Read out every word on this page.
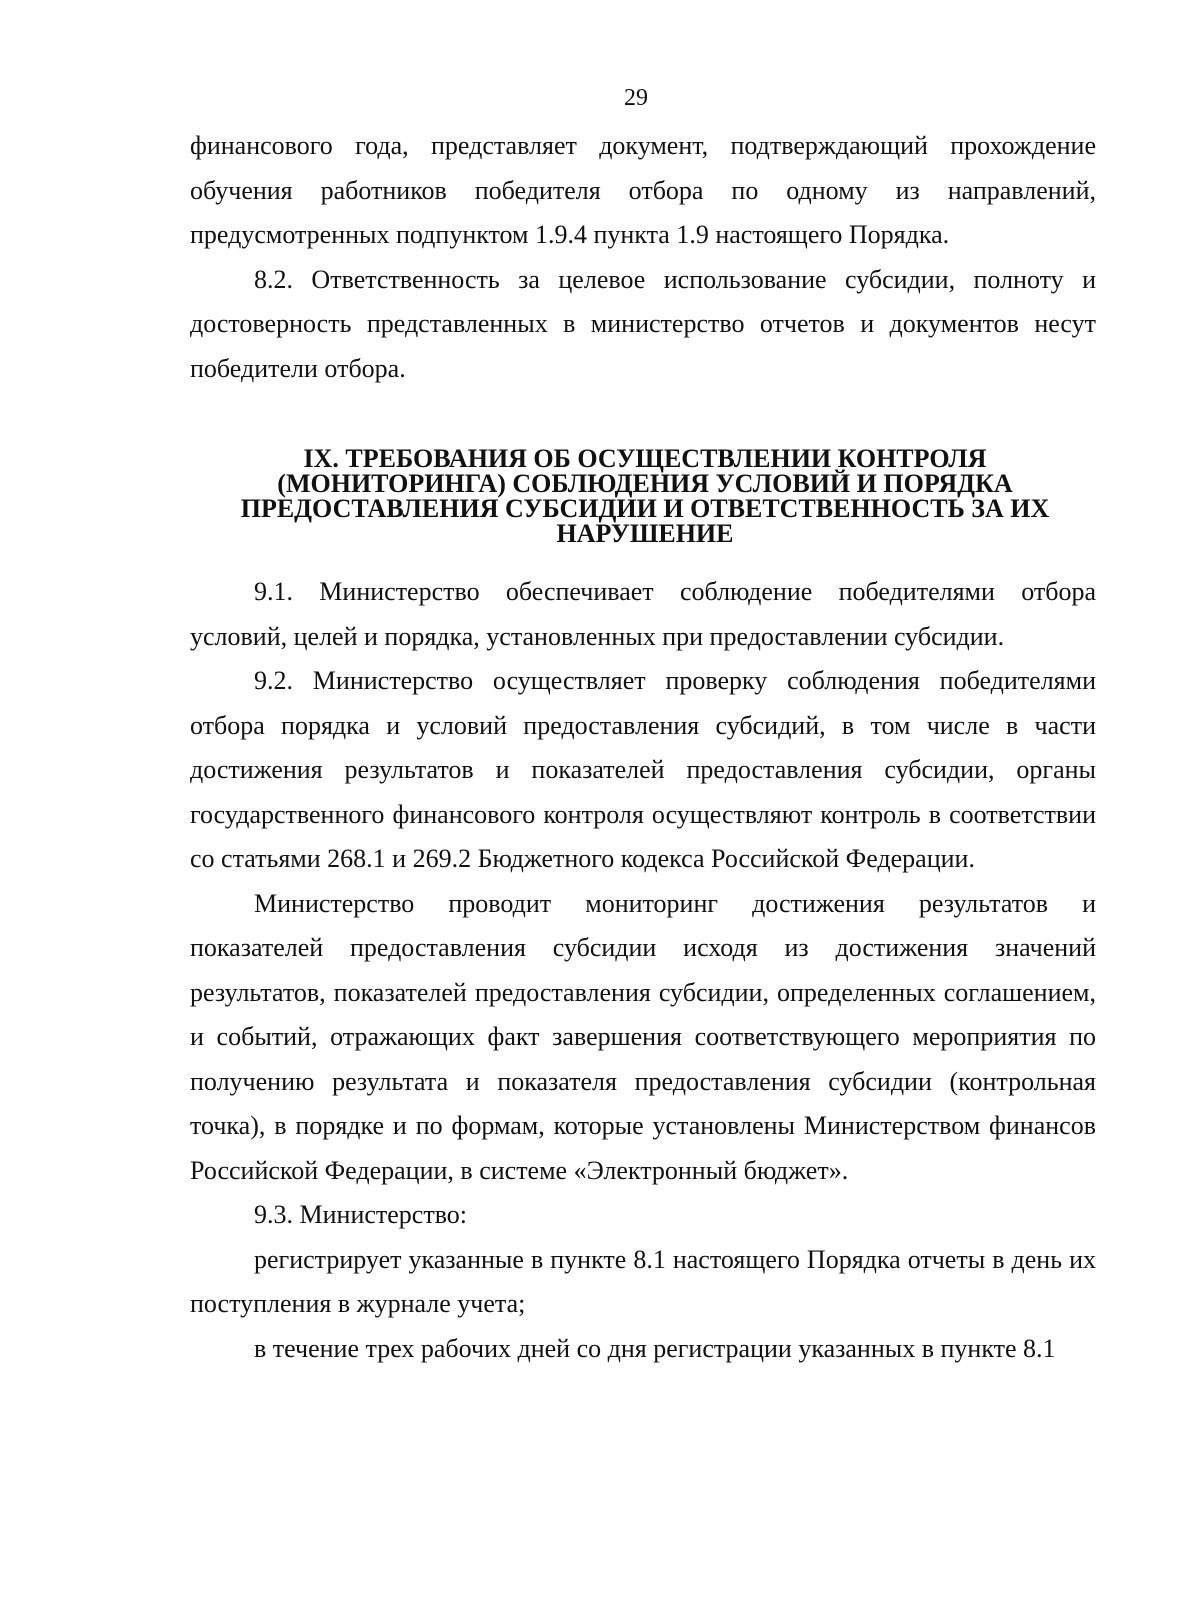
29

финансового года, представляет документ, подтверждающий прохождение обучения работников победителя отбора по одному из направлений, предусмотренных подпунктом 1.9.4 пункта 1.9 настоящего Порядка.

8.2. Ответственность за целевое использование субсидии, полноту и достоверность представленных в министерство отчетов и документов несут победители отбора.

IX. ТРЕБОВАНИЯ ОБ ОСУЩЕСТВЛЕНИИ КОНТРОЛЯ
(МОНИТОРИНГА) СОБЛЮДЕНИЯ УСЛОВИЙ И ПОРЯДКА
ПРЕДОСТАВЛЕНИЯ СУБСИДИИ И ОТВЕТСТВЕННОСТЬ ЗА ИХ
НАРУШЕНИЕ

9.1. Министерство обеспечивает соблюдение победителями отбора условий, целей и порядка, установленных при предоставлении субсидии.

9.2. Министерство осуществляет проверку соблюдения победителями отбора порядка и условий предоставления субсидий, в том числе в части достижения результатов и показателей предоставления субсидии, органы государственного финансового контроля осуществляют контроль в соответствии со статьями 268.1 и 269.2 Бюджетного кодекса Российской Федерации.

Министерство проводит мониторинг достижения результатов и показателей предоставления субсидии исходя из достижения значений результатов, показателей предоставления субсидии, определенных соглашением, и событий, отражающих факт завершения соответствующего мероприятия по получению результата и показателя предоставления субсидии (контрольная точка), в порядке и по формам, которые установлены Министерством финансов Российской Федерации, в системе «Электронный бюджет».

9.3. Министерство:

регистрирует указанные в пункте 8.1 настоящего Порядка отчеты в день их поступления в журнале учета;

в течение трех рабочих дней со дня регистрации указанных в пункте 8.1
